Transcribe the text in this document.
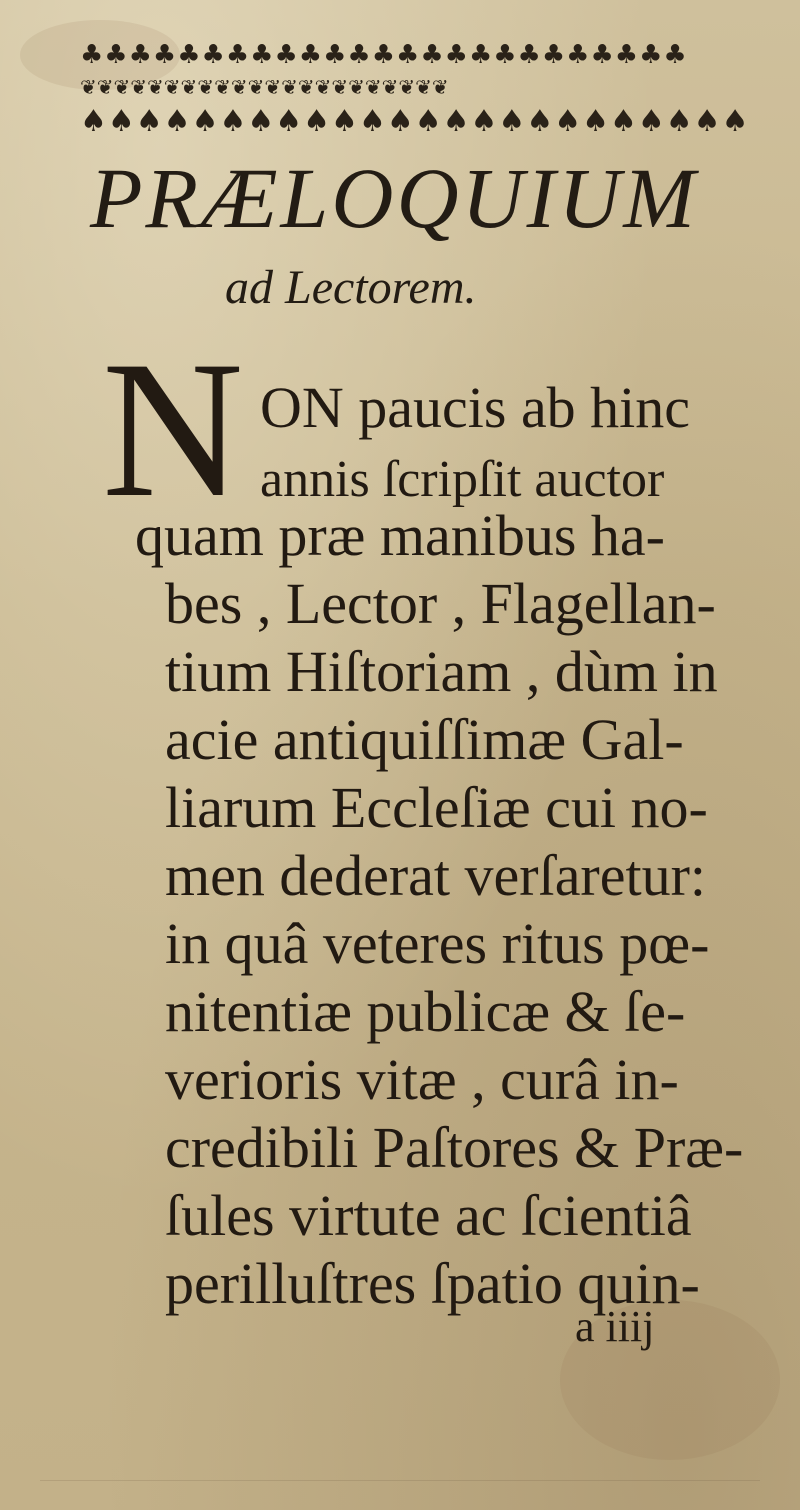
♣♣♣♣♣♣♣♣♣♣♣♣♣♣♣♣♣♣♣♣♣♣♣♣♣
❦❦❦❦❦❦❦❦❦❦❦❦❦❦❦❦❦❦❦❦❦❦
♠♠♠♠♠♠♠♠♠♠♠♠♠♠♠♠♠♠♠♠♠♠♠♠
PRÆLOQUIUM
ad Lectorem.
N ON paucis ab hinc
annis ſcripſit auctor
quam præ manibus ha-
bes , Lector , Flagellan-
tium Hiſtoriam , dùm in
acie antiquiſſimæ Gal-
liarum Eccleſiæ cui no-
men dederat verſaretur:
in quâ veteres ritus pœ-
nitentiæ publicæ & ſe-
verioris vitæ , curâ in-
credibili Paſtores & Præ-
ſules virtute ac ſcientiâ
perilluſtres ſpatio quin-
a iiij
